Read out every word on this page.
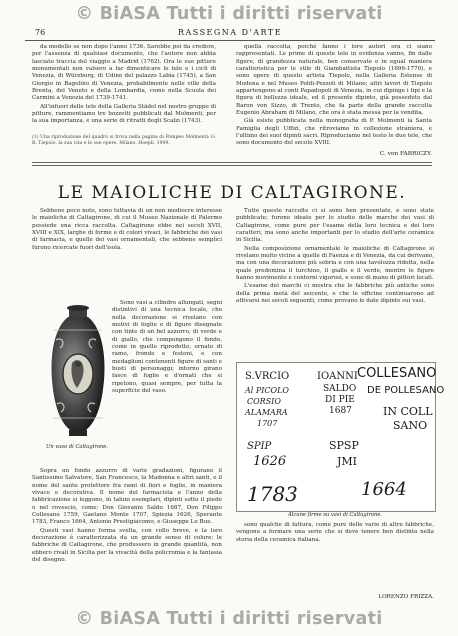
© BiASA Tutti i diritti riservati
76	RASSEGNA D'ARTE

da modello se non dopo l'anno 1736. Sarebbe poi da credere, per l'assenza di qualsiasi documento, che l'autore non abbia lasciato traccia del viaggio a Madrid (1762). Ora le sue pitture monumentali non valsero a far dimenticare le tele e i cicli di Venezia, di Würzburg, di Udine del palazzo Labia (1745), a San Giorgio in Bagolino di Venezia, probabilmente nelle ville della Brenta, del Veneto e della Lombardia, come nella Scuola dei Carmini a Venezia del 1739-1741.

All'infuori delle tele della Galleria Städel nel nostro gruppo di pitture, rammentiamo tre bozzetti pubblicati dal Molmenti, per la sua importanza, e una serie di ritratti degli Scalzi (1743).

(1) Una riproduzione del quadro si trova nella pagina di Pompeo Molmenti: G. B. Tiepolo, la sua vita e le sue opere. Milano, Hoepli, 1909.

quella raccolta, poiché fanno i loro autori ora ci siano rappresentati. Le prime di queste tele in evidenza vanno, fin dalle figure, di grandezza naturale, ben conservate e in egual maniera caratteristica per le stile di Giambattista Tiepolo (1696-1770), e sono opere di questo artista Tiepolo, nella Galleria Estense di Modena e nel Museo Poldi-Pezzoli di Milano; altri lavori di Tiepolo appartengono ai conti Papadopoli di Venezia, in cui dipinge i tipi e la figura di bellezza ideale, ed il presente dipinto, già posseduto dal Baron von Sizzo, di Trento, che fa parte della grande raccolta Eugenio Abraham di Milano, che ora è stata messa per la vendita.

Già esiste pubblicata nella monografia di P. Molmenti la Santa Famiglia degli Uffizi, che ritroviamo in collezione straniera, e l'ultimo dei suoi dipinti sacri. Riproduciamo nel testo le due tele, che sono documento del secolo XVIII.

C. von FABRICZY.
LE MAIOLICHE DI CALTAGIRONE.

Sebbene poco noto, sono tuttavia di un non mediocre interesse le maioliche di Caltagirone, di cui il Museo Nazionale di Palermo possiede una ricca raccolta. Caltagirone ebbe nei secoli XVII, XVIII e XIX, larghe di forme e di colori vivaci, le fabbriche dei vasi di farmacia, e quelle dei vasi ornamentali, che sebbene semplici furono ricercate fuori dell'isola.

Un vaso di Caltagirone.

Sono vasi a cilindro allungati, segni distintivi di una tecnica locale, che nella decorazione si rivelano con motivi di foglie e di figure disegnate con tinte di un bel azzurro, di verde e di giallo, che compongono il fondo, come in quello riprodotto, ornato di ramo, fronde e festoni, e con medaglioni contenenti figure di santi e busti di personaggi; intorno girano fasce di foglie e d'ornati che si ripetono, quasi sempre, per tutta la superficie del vaso.

Sopra un fondo azzurro di varie gradazioni, figurano il Santissimo Salvatore, San Francesco, la Madonna e altri santi, e il nome del santo protettore fra rami di fiori e foglie, in maniera vivace e decorativa. Il nome del farmacista e l'anno della fabbricazione si leggono, in taluni esemplari, dipinti sotto il piede o nel rovescio, come: Don Giovanni Saldo 1687, Don Filippo Collesano 1759, Gaetano Monte 1707, Spiezia 1626, Sperante 1783, Franco 1664, Antonio Prestigiacomo, e Giuseppe Lo Bue.

Questi vasi hanno forma svelta, con collo breve, e la loro decorazione è caratterizzata da un grande senso di colore; le fabbriche di Caltagirone, che produssero in grande quantità, non ebbero rivali in Sicilia per la vivacità della policromia e la fantasia del disegno.

Tutte queste raccolte ci si sono ben presentate, e sono state pubblicate; furono ideate per lo studio delle marche dei vasi di Caltagirone, come pure per l'esame della loro tecnica e dei loro caratteri, ma sono anche importanti per lo studio dell'arte ceramica in Sicilia.

Nella composizione ornamentale le maioliche di Caltagirone si rivelano molto vicine a quelle di Faenza e di Venezia, da cui derivano, ma con una decorazione più sobria e con una tavolozza ridotta, nella quale predomina il turchino, il giallo e il verde, mentre le figure hanno movimento e contorni vigorosi, e sono di mano di pittori locali.

L'esame dei marchi ci mostra che le fabbriche più antiche sono della prima metà del seicento, e che le officine continuarono ad attivarsi nei secoli seguenti, come provano le date dipinte sui vasi.

S.VRCIO	IOANNI
SALDO
DI PIE
1687
COLLESANO
DE POLLESANO
IN COLL
SANO
Al PICOLO
CORSIO
ALAMARA
1707
SPIP
1626
SPSP
JMI
1783	1664
Alcune firme su vasi di Caltagirone.

sono qualche di fattura, come pure delle varie di altre fabbriche, vengono a formare una serie che si deve tenere ben distinta nella storia della ceramica italiana.

LORENZO FRIZZA.
© BiASA Tutti i diritti riservati
